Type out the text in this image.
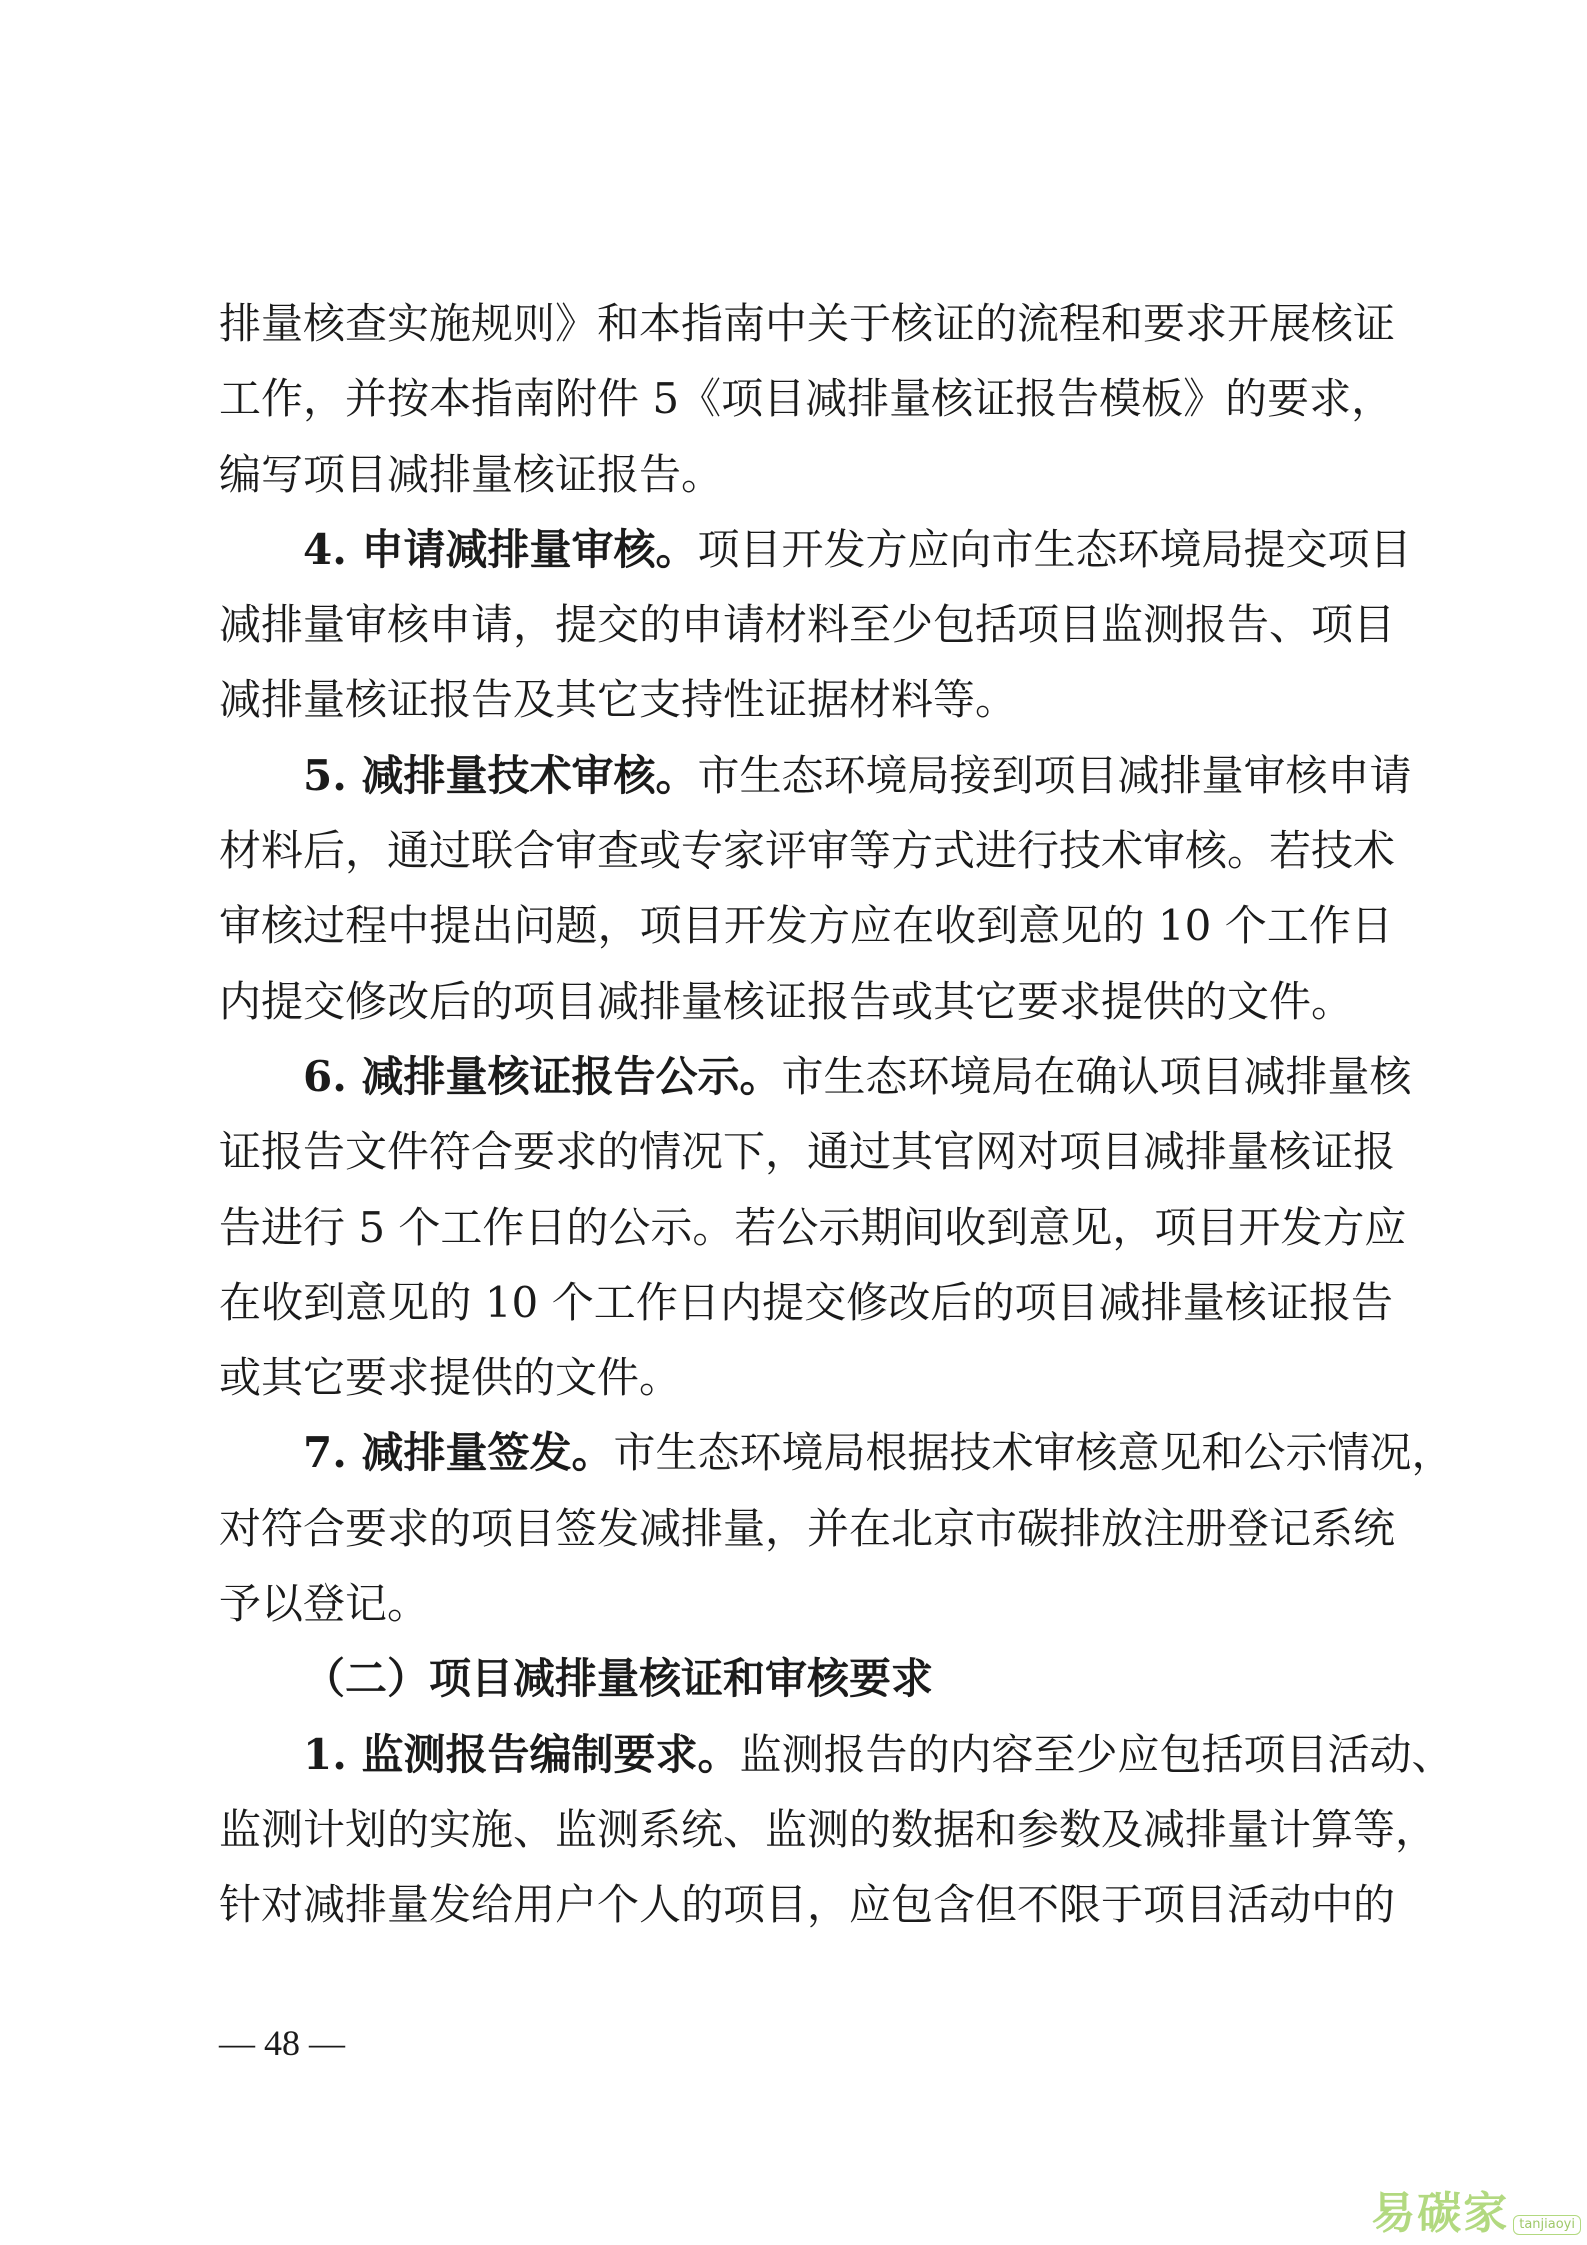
排量核查实施规则》和本指南中关于核证的流程和要求开展核证
工作，并按本指南附件 5《项目减排量核证报告模板》的要求，
编写项目减排量核证报告。
4. 申请减排量审核。项目开发方应向市生态环境局提交项目
减排量审核申请，提交的申请材料至少包括项目监测报告、项目
减排量核证报告及其它支持性证据材料等。
5. 减排量技术审核。市生态环境局接到项目减排量审核申请
材料后，通过联合审查或专家评审等方式进行技术审核。若技术
审核过程中提出问题，项目开发方应在收到意见的 10 个工作日
内提交修改后的项目减排量核证报告或其它要求提供的文件。
6. 减排量核证报告公示。市生态环境局在确认项目减排量核
证报告文件符合要求的情况下，通过其官网对项目减排量核证报
告进行 5 个工作日的公示。若公示期间收到意见，项目开发方应
在收到意见的 10 个工作日内提交修改后的项目减排量核证报告
或其它要求提供的文件。
7. 减排量签发。市生态环境局根据技术审核意见和公示情况，
对符合要求的项目签发减排量，并在北京市碳排放注册登记系统
予以登记。
（二）项目减排量核证和审核要求
1. 监测报告编制要求。监测报告的内容至少应包括项目活动、
监测计划的实施、监测系统、监测的数据和参数及减排量计算等，
针对减排量发给用户个人的项目，应包含但不限于项目活动中的
— 48 —
易碳家 tanjiaoyi
